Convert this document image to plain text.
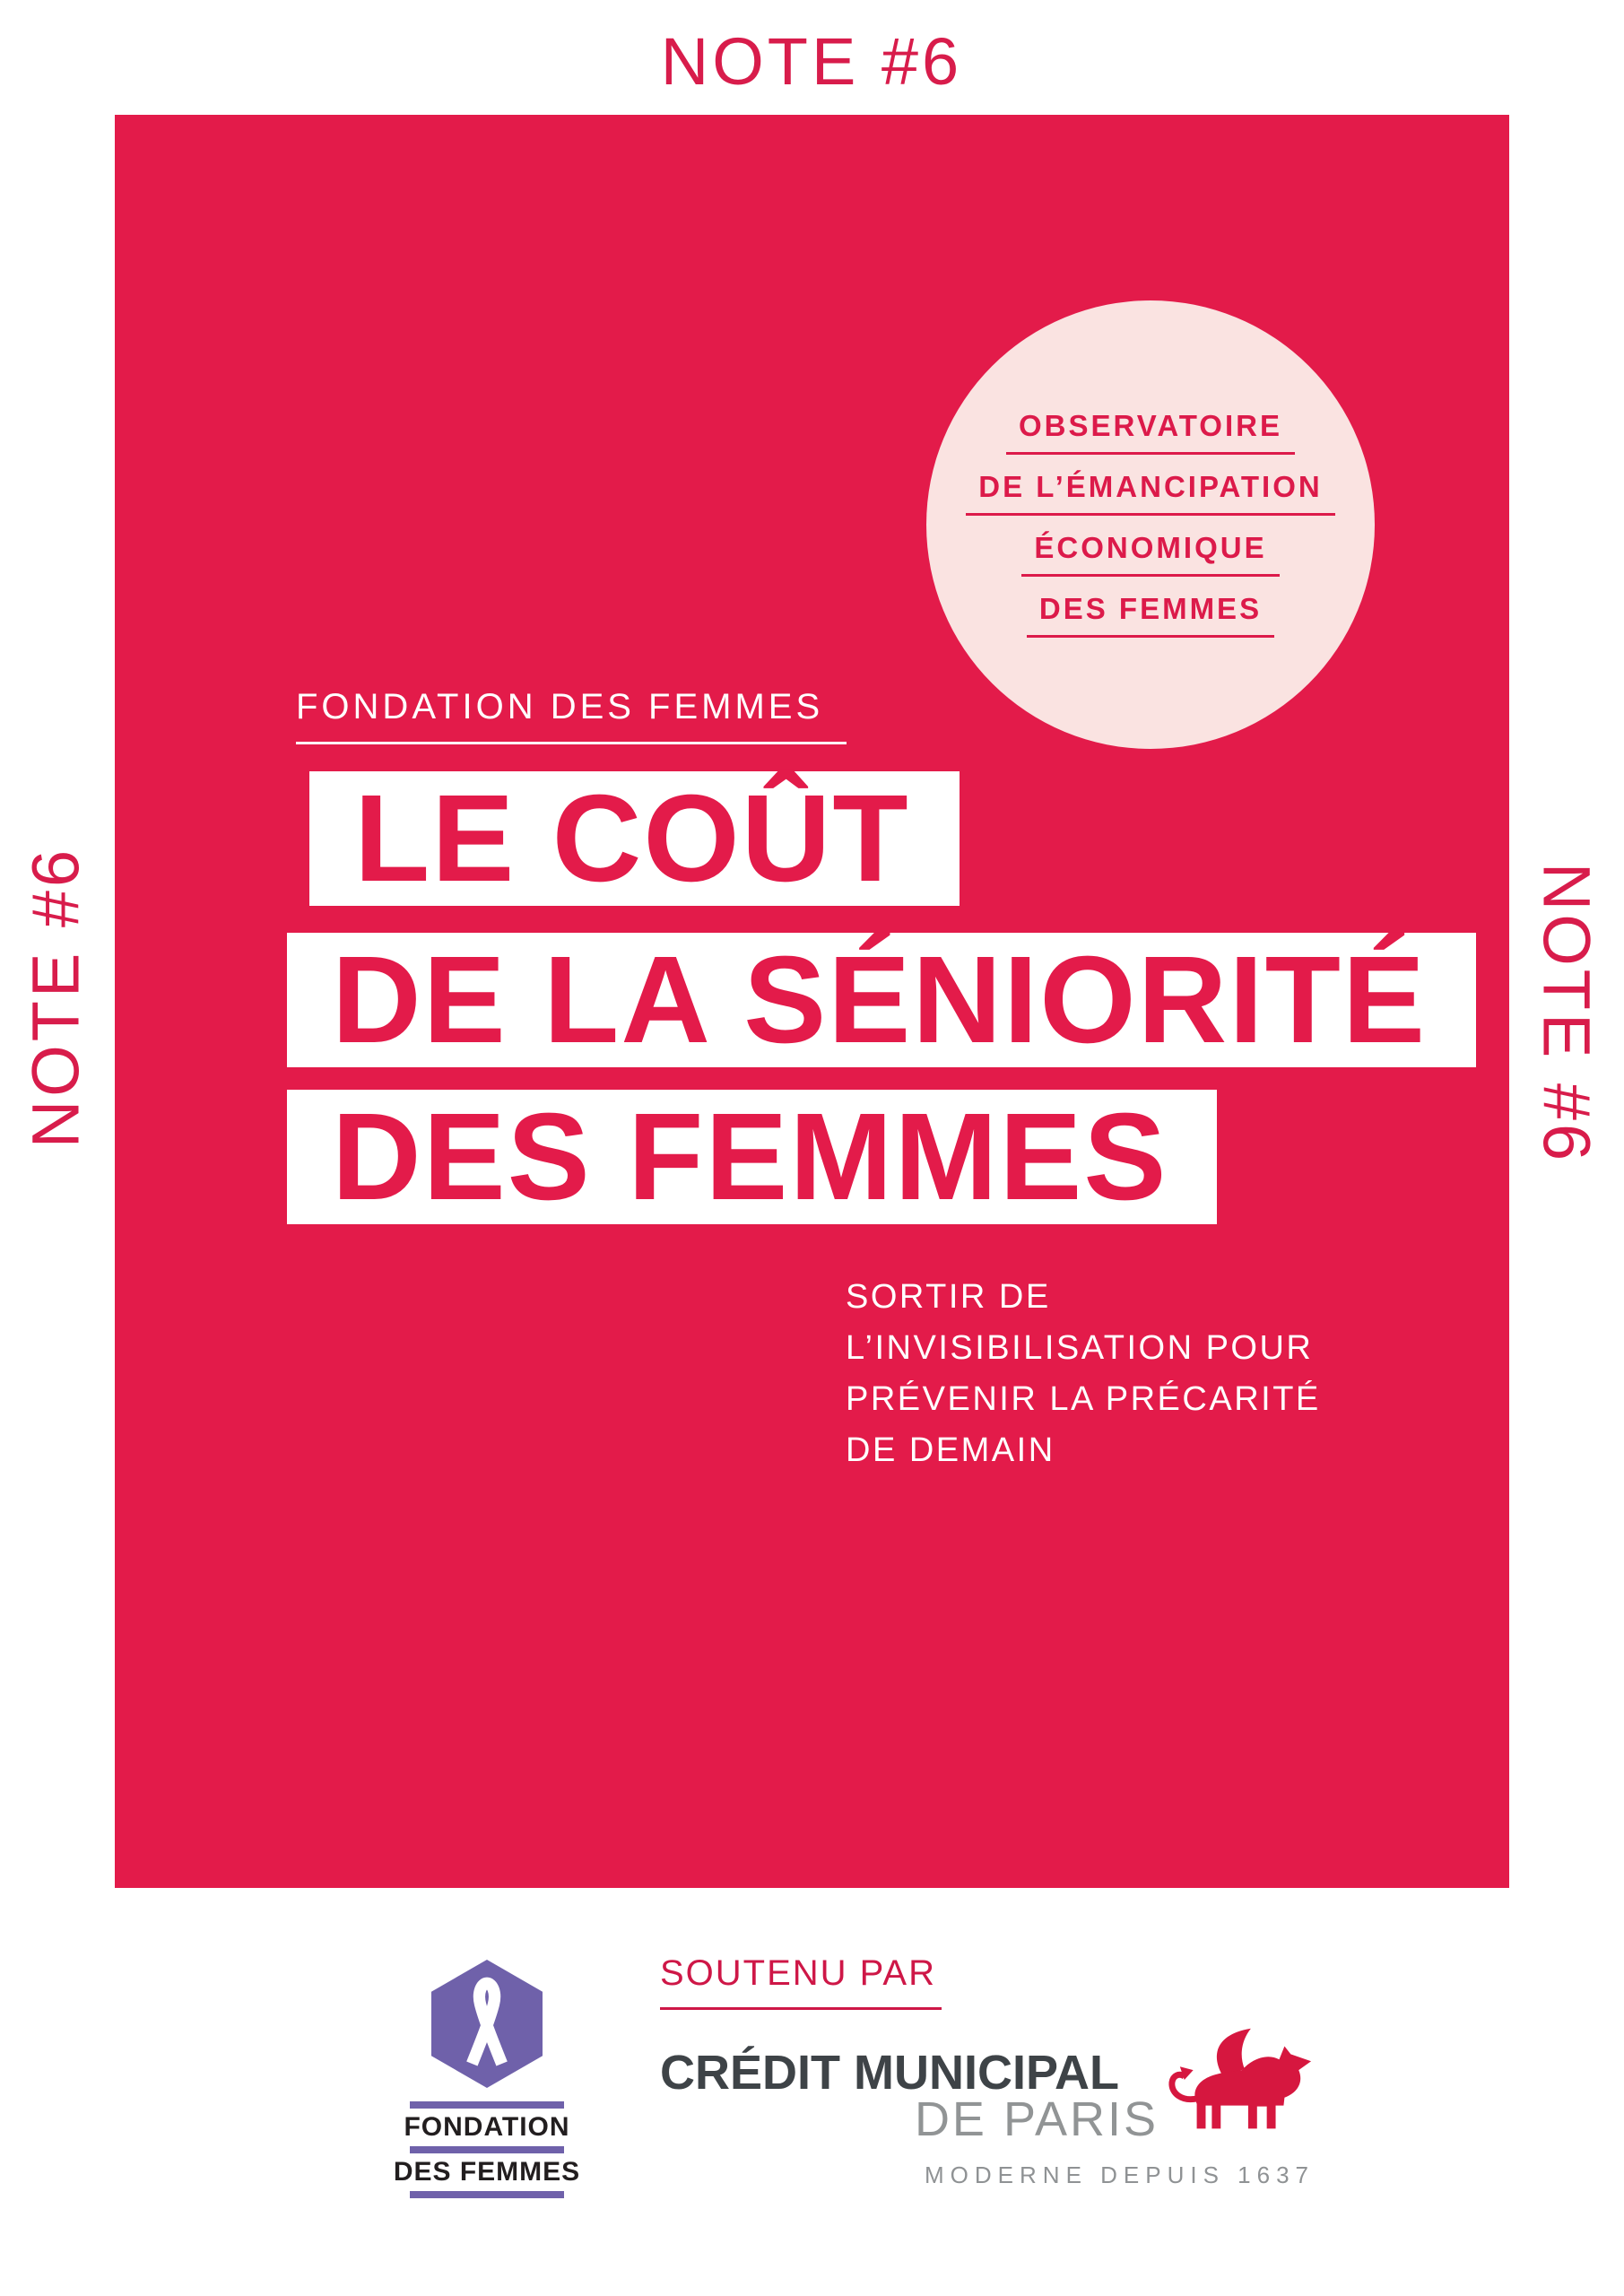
NOTE #6
OBSERVATOIRE
DE L’ÉMANCIPATION
ÉCONOMIQUE
DES FEMMES
FONDATION DES FEMMES
LE COÛT
DE LA SÉNIORITÉ
DES FEMMES
SORTIR DE
L’INVISIBILISATION POUR
PRÉVENIR LA PRÉCARITÉ
DE DEMAIN
NOTE #6	NOTE #6
FONDATION
DES FEMMES
SOUTENU PAR
CRÉDIT MUNICIPAL
DE PARIS
MODERNE DEPUIS 1637
